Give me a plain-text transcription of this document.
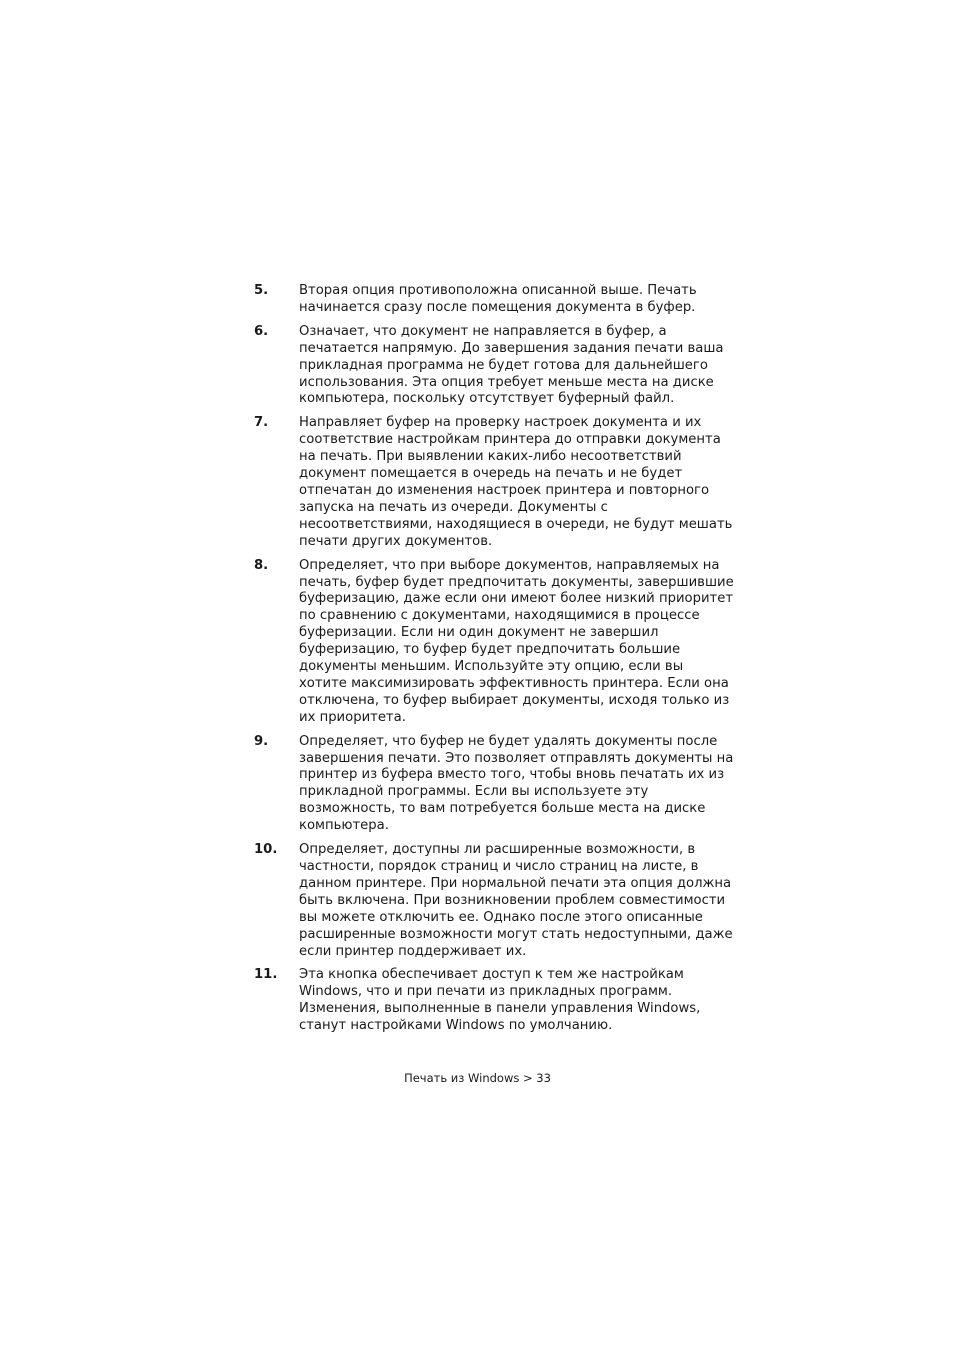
5.	Вторая опция противоположна описанной выше. Печать начинается сразу после помещения документа в буфер.
6.	Означает, что документ не направляется в буфер, а печатается напрямую. До завершения задания печати ваша прикладная программа не будет готова для дальнейшего использования. Эта опция требует меньше места на диске компьютера, поскольку отсутствует буферный файл.
7.	Направляет буфер на проверку настроек документа и их соответствие настройкам принтера до отправки документа на печать. При выявлении каких-либо несоответствий документ помещается в очередь на печать и не будет отпечатан до изменения настроек принтера и повторного запуска на печать из очереди. Документы с несоответствиями, находящиеся в очереди, не будут мешать печати других документов.
8.	Определяет, что при выборе документов, направляемых на печать, буфер будет предпочитать документы, завершившие буферизацию, даже если они имеют более низкий приоритет по сравнению с документами, находящимися в процессе буферизации. Если ни один документ не завершил буферизацию, то буфер будет предпочитать большие документы меньшим. Используйте эту опцию, если вы хотите максимизировать эффективность принтера. Если она отключена, то буфер выбирает документы, исходя только из их приоритета.
9.	Определяет, что буфер не будет удалять документы после завершения печати. Это позволяет отправлять документы на принтер из буфера вместо того, чтобы вновь печатать их из прикладной программы. Если вы используете эту возможность, то вам потребуется больше места на диске компьютера.
10.	Определяет, доступны ли расширенные возможности, в частности, порядок страниц и число страниц на листе, в данном принтере. При нормальной печати эта опция должна быть включена. При возникновении проблем совместимости вы можете отключить ее. Однако после этого описанные расширенные возможности могут стать недоступными, даже если принтер поддерживает их.
11.	Эта кнопка обеспечивает доступ к тем же настройкам Windows, что и при печати из прикладных программ. Изменения, выполненные в панели управления Windows, станут настройками Windows по умолчанию.
Печать из Windows > 33
